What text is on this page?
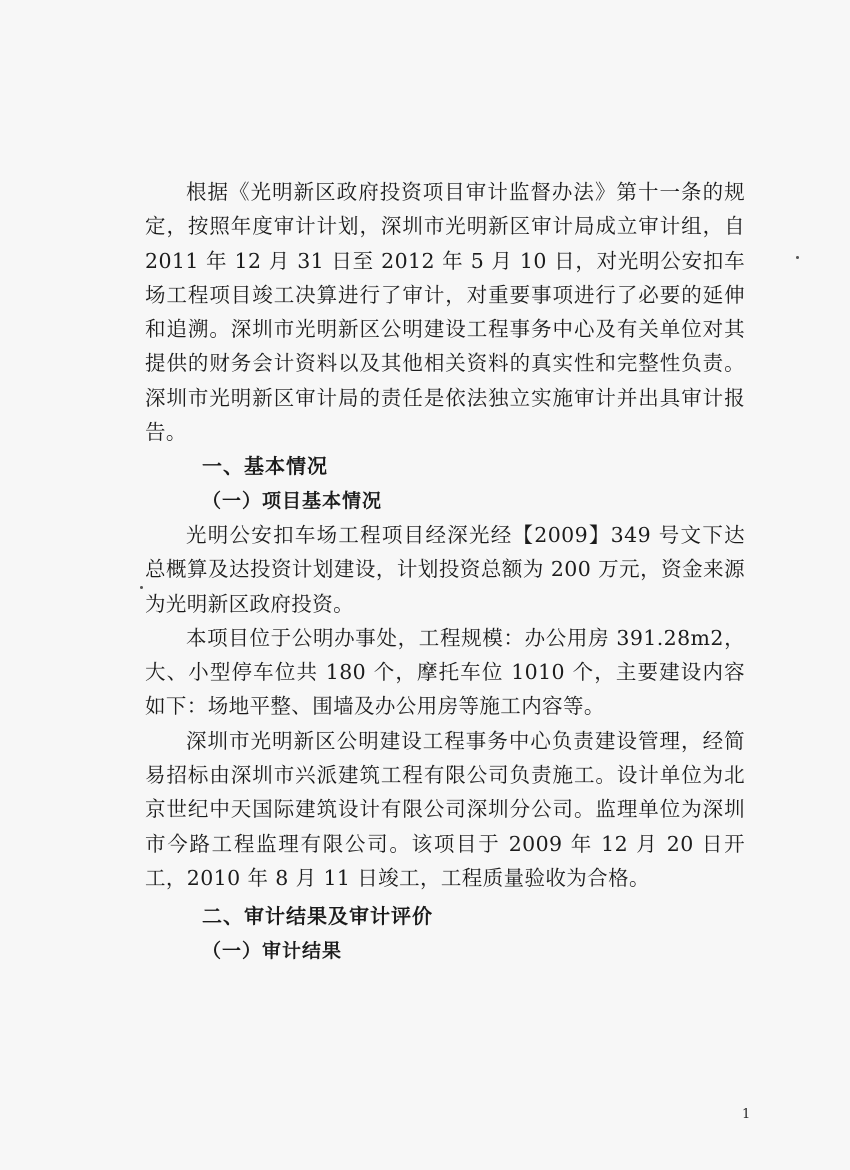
根据《光明新区政府投资项目审计监督办法》第十一条的规定，按照年度审计计划，深圳市光明新区审计局成立审计组，自 2011 年 12 月 31 日至 2012 年 5 月 10 日，对光明公安扣车场工程项目竣工决算进行了审计，对重要事项进行了必要的延伸和追溯。深圳市光明新区公明建设工程事务中心及有关单位对其提供的财务会计资料以及其他相关资料的真实性和完整性负责。深圳市光明新区审计局的责任是依法独立实施审计并出具审计报告。

一、基本情况

（一）项目基本情况

光明公安扣车场工程项目经深光经【2009】349 号文下达总概算及达投资计划建设，计划投资总额为 200 万元，资金来源为光明新区政府投资。

本项目位于公明办事处，工程规模：办公用房 391.28m2，大、小型停车位共 180 个，摩托车位 1010 个，主要建设内容如下：场地平整、围墙及办公用房等施工内容等。

深圳市光明新区公明建设工程事务中心负责建设管理，经简易招标由深圳市兴派建筑工程有限公司负责施工。设计单位为北京世纪中天国际建筑设计有限公司深圳分公司。监理单位为深圳市今路工程监理有限公司。该项目于 2009 年 12 月 20 日开工，2010 年 8 月 11 日竣工，工程质量验收为合格。

二、审计结果及审计评价

（一）审计结果

1
